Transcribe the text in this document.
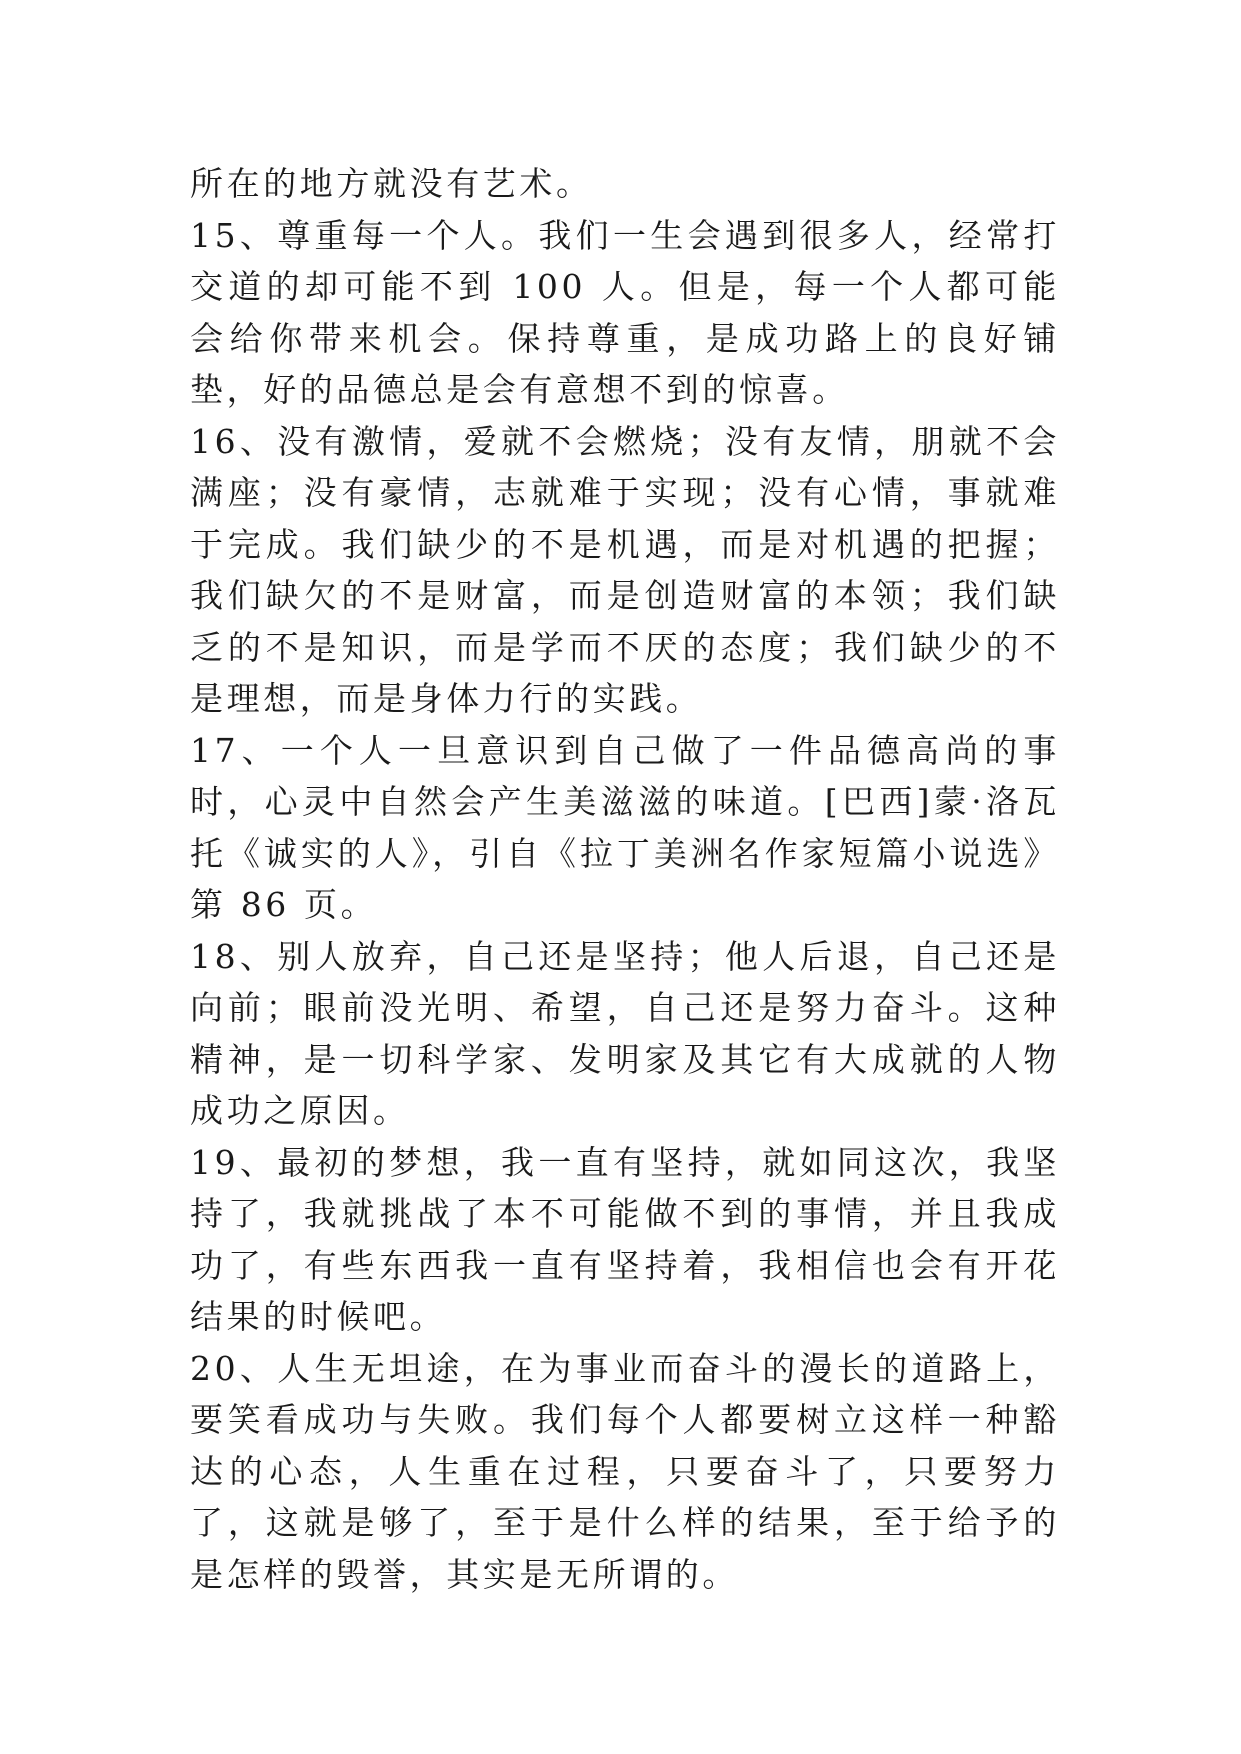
所在的地方就没有艺术。

15、尊重每一个人。我们一生会遇到很多人，经常打交道的却可能不到 100 人。但是，每一个人都可能会给你带来机会。保持尊重，是成功路上的良好铺垫，好的品德总是会有意想不到的惊喜。

16、没有激情，爱就不会燃烧；没有友情，朋就不会满座；没有豪情，志就难于实现；没有心情，事就难于完成。我们缺少的不是机遇，而是对机遇的把握；我们缺欠的不是财富，而是创造财富的本领；我们缺乏的不是知识，而是学而不厌的态度；我们缺少的不是理想，而是身体力行的实践。

17、一个人一旦意识到自己做了一件品德高尚的事时，心灵中自然会产生美滋滋的味道。[巴西]蒙·洛瓦托《诚实的人》，引自《拉丁美洲名作家短篇小说选》第 86 页。

18、别人放弃，自己还是坚持；他人后退，自己还是向前；眼前没光明、希望，自己还是努力奋斗。这种精神，是一切科学家、发明家及其它有大成就的人物成功之原因。

19、最初的梦想，我一直有坚持，就如同这次，我坚持了，我就挑战了本不可能做不到的事情，并且我成功了，有些东西我一直有坚持着，我相信也会有开花结果的时候吧。

20、人生无坦途，在为事业而奋斗的漫长的道路上，要笑看成功与失败。我们每个人都要树立这样一种豁达的心态，人生重在过程，只要奋斗了，只要努力了，这就是够了，至于是什么样的结果，至于给予的是怎样的毁誉，其实是无所谓的。
